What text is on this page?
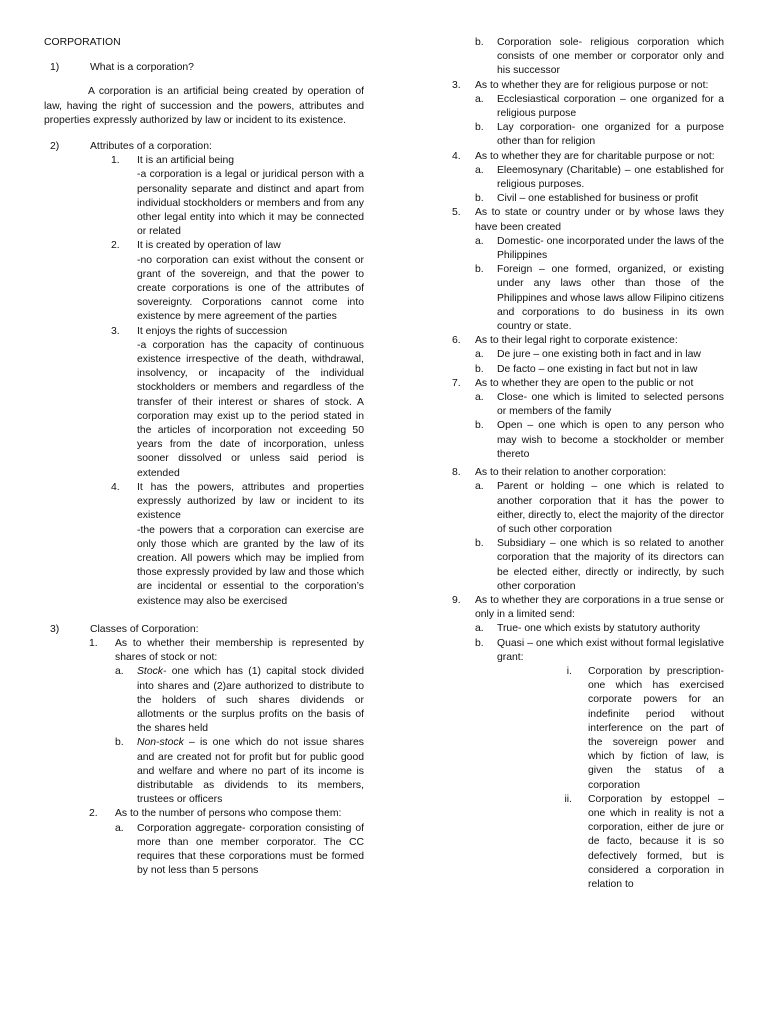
CORPORATION

1)	What is a corporation?

A corporation is an artificial being created by operation of law, having the right of succession and the powers, attributes and properties expressly authorized by law or incident to its existence.

2)	Attributes of a corporation:
1.	It is an artificial being

-a corporation is a legal or juridical person with a personality separate and distinct and apart from individual stockholders or members and from any other legal entity into which it may be connected or related

2.	It is created by operation of law

-no corporation can exist without the consent or grant of the sovereign, and that the power to create corporations is one of the attributes of sovereignty. Corporations cannot come into existence by mere agreement of the parties

3.	It enjoys the rights of succession

-a corporation has the capacity of continuous existence irrespective of the death, withdrawal, insolvency, or incapacity of the individual stockholders or members and regardless of the transfer of their interest or shares of stock. A corporation may exist up to the period stated in the articles of incorporation not exceeding 50 years from the date of incorporation, unless sooner dissolved or unless said period is extended

4.	It has the powers, attributes and properties expressly authorized by law or incident to its existence

-the powers that a corporation can exercise are only those which are granted by the law of its creation. All powers which may be implied from those expressly provided by law and those which are incidental or essential to the corporation’s existence may also be exercised

3)	Classes of Corporation:
1.	As to whether their membership is represented by shares of stock or not:
a.	Stock- one which has (1) capital stock divided into shares and (2)are authorized to distribute to the holders of such shares dividends or allotments or the surplus profits on the basis of the shares held
b.	Non-stock – is one which do not issue shares and are created not for profit but for public good and welfare and where no part of its income is distributable as dividends to its members, trustees or officers
2.	As to the number of persons who compose them:
a.	Corporation aggregate- corporation consisting of more than one member corporator. The CC requires that these corporations must be formed by not less than 5 persons
b.	Corporation sole- religious corporation which consists of one member or corporator only and his successor
3.	As to whether they are for religious purpose or not:
a.	Ecclesiastical corporation – one organized for a religious purpose
b.	Lay corporation- one organized for a purpose other than for religion
4.	As to whether they are for charitable purpose or not:
a.	Eleemosynary (Charitable) – one established for religious purposes.
b.	Civil – one established for business or profit
5.	As to state or country under or by whose laws they have been created
a.	Domestic- one incorporated under the laws of the Philippines
b.	Foreign – one formed, organized, or existing under any laws other than those of the Philippines and whose laws allow Filipino citizens and corporations to do business in its own country or state.
6.	As to their legal right to corporate existence:
a.	De jure – one existing both in fact and in law
b.	De facto – one existing in fact but not in law
7.	As to whether they are open to the public or not
a.	Close- one which is limited to selected persons or members of the family
b.	Open – one which is open to any person who may wish to become a stockholder or member thereto
8.	As to their relation to another corporation:
a.	Parent or holding – one which is related to another corporation that it has the power to either, directly to, elect the majority of the director of such other corporation
b.	Subsidiary – one which is so related to another corporation that the majority of its directors can be elected either, directly or indirectly, by such other corporation
9.	As to whether they are corporations in a true sense or only in a limited send:
a.	True- one which exists by statutory authority
b.	Quasi – one which exist without formal legislative grant:
i.	Corporation by prescription- one which has exercised corporate powers for an indefinite period without interference on the part of the sovereign power and which by fiction of law, is given the status of a corporation
ii.	Corporation by estoppel – one which in reality is not a corporation, either de jure or de facto, because it is so defectively formed, but is considered a corporation in relation to
